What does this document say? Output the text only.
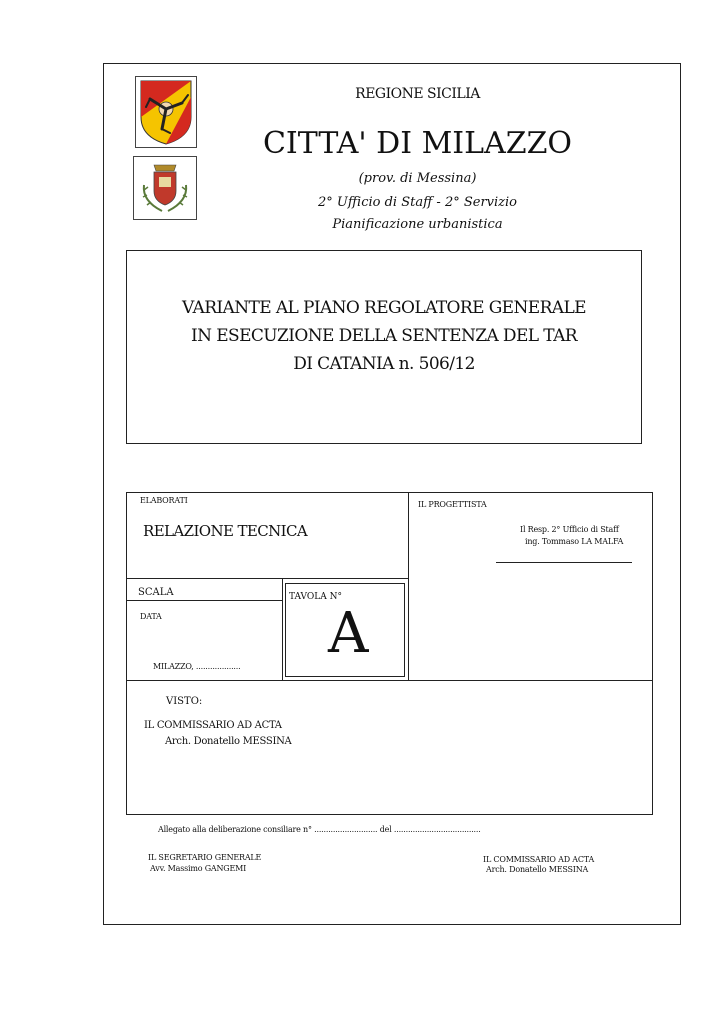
REGIONE SICILIA
CITTA' DI MILAZZO
(prov. di Messina)
2° Ufficio di Staff - 2° Servizio
Pianificazione urbanistica
VARIANTE AL PIANO REGOLATORE GENERALE
IN ESECUZIONE DELLA SENTENZA DEL TAR
DI CATANIA n. 506/12
ELABORATI
RELAZIONE TECNICA
IL PROGETTISTA
Il Resp. 2° Ufficio di Staff
ing. Tommaso LA MALFA
SCALA
DATA
MILAZZO, ...................
TAVOLA N°
A
VISTO:
IL COMMISSARIO AD ACTA
Arch. Donatello MESSINA
Allegato alla deliberazione consiliare n° ........................... del .....................................
IL SEGRETARIO GENERALE
Avv. Massimo GANGEMI
IL COMMISSARIO AD ACTA
Arch. Donatello MESSINA
